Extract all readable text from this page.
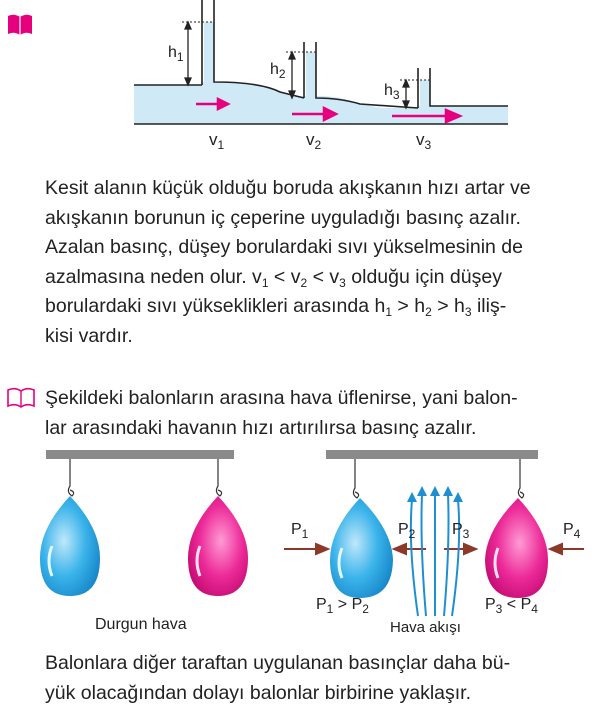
$h_1$
$h_2$
$h_3$
$v_1$	$v_2$	$v_3$

Kesit alanın küçük olduğu boruda akışkanın hızı artar ve

akışkanın borunun iç çeperine uyguladığı basınç azalır.

Azalan basınç, düşey borulardaki sıvı yükselmesinin de

azalmasına neden olur. $v_1 < v_2 < v_3$ olduğu için düşey

borulardaki sıvı yükseklikleri arasında $h_1 > h_2 > h_3$ iliş-

kisi vardır.

Şekildeki balonların arasına hava üflenirse, yani balon-

lar arasındaki havanın hızı artırılırsa basınç azalır.

$P_1$	$P_2$ $P_3$	$P_4$
$P_1 > P_2$	$P_3 < P_4$
Durgun hava	Hava akışı

Balonlara diğer taraftan uygulanan basınçlar daha bü-

yük olacağından dolayı balonlar birbirine yaklaşır.
